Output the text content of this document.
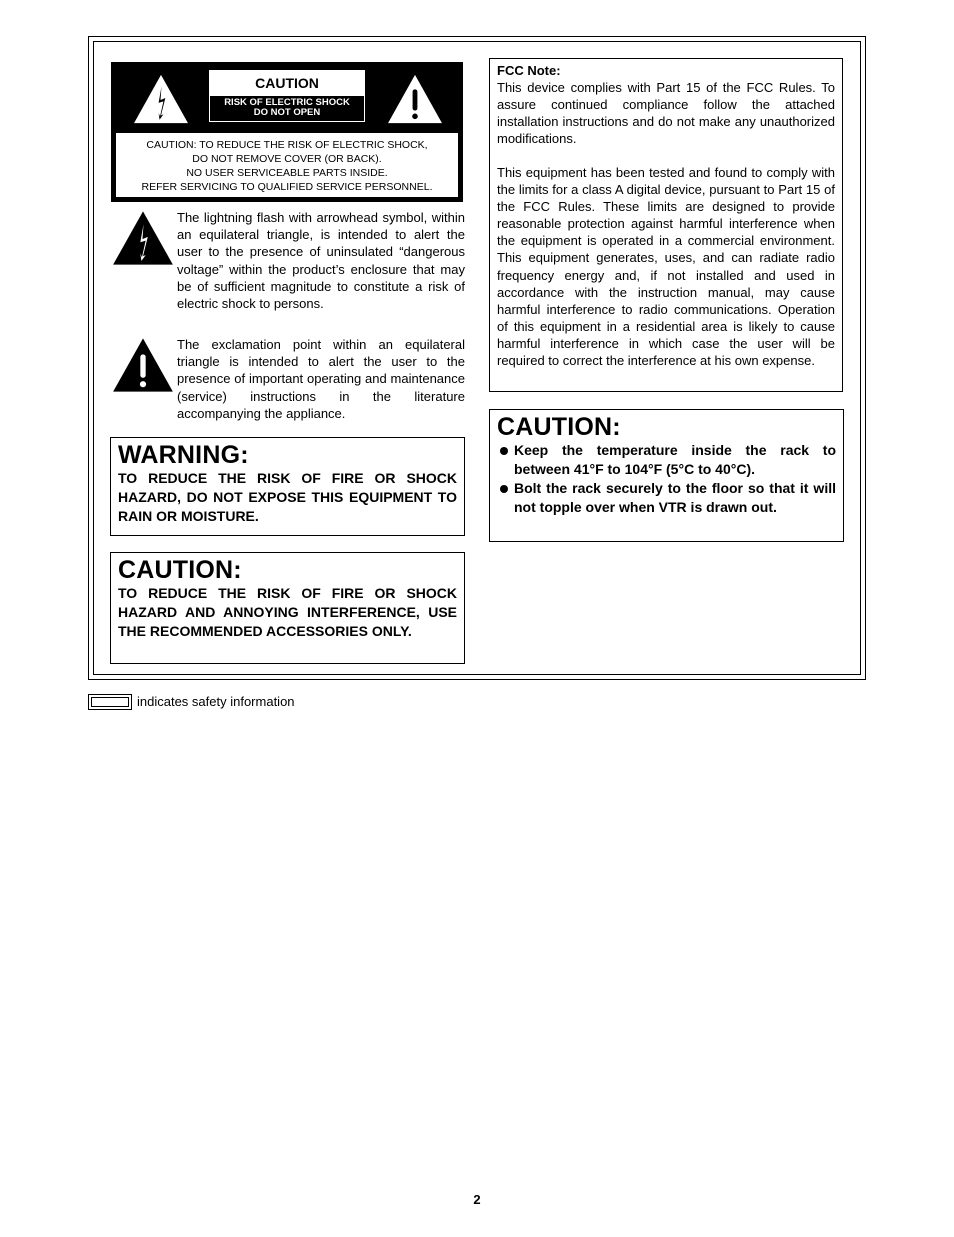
CAUTION
RISK OF ELECTRIC SHOCK
DO NOT OPEN
CAUTION: TO REDUCE THE RISK OF ELECTRIC SHOCK,
DO NOT REMOVE COVER (OR BACK).
NO USER SERVICEABLE PARTS INSIDE.
REFER SERVICING TO QUALIFIED SERVICE PERSONNEL.

The lightning flash with arrowhead symbol, within an equilateral triangle, is intended to alert the user to the presence of uninsulated “dangerous voltage” within the product’s enclosure that may be of sufficient magnitude to constitute a risk of electric shock to persons.

The exclamation point within an equilateral triangle is intended to alert the user to the presence of important operating and maintenance (service) instructions in the literature accompanying the appliance.

WARNING:

TO REDUCE THE RISK OF FIRE OR SHOCK HAZARD, DO NOT EXPOSE THIS EQUIPMENT TO RAIN OR MOISTURE.

CAUTION:

TO REDUCE THE RISK OF FIRE OR SHOCK HAZARD AND ANNOYING INTERFERENCE, USE THE RECOMMENDED ACCESSORIES ONLY.

FCC Note:

This device complies with Part 15 of the FCC Rules. To assure continued compliance follow the attached installation instructions and do not make any unauthorized modifications.

This equipment has been tested and found to comply with the limits for a class A digital device, pursuant to Part 15 of the FCC Rules. These limits are designed to provide reasonable protection against harmful interference when the equipment is operated in a commercial environment. This equipment generates, uses, and can radiate radio frequency energy and, if not installed and used in accordance with the instruction manual, may cause harmful interference to radio communications. Operation of this equipment in a residential area is likely to cause harmful interference in which case the user will be required to correct the interference at his own expense.

CAUTION:
Keep the temperature inside the rack to between 41°F to 104°F (5°C to 40°C).
Bolt the rack securely to the floor so that it will not topple over when VTR is drawn out.
indicates safety information
2
